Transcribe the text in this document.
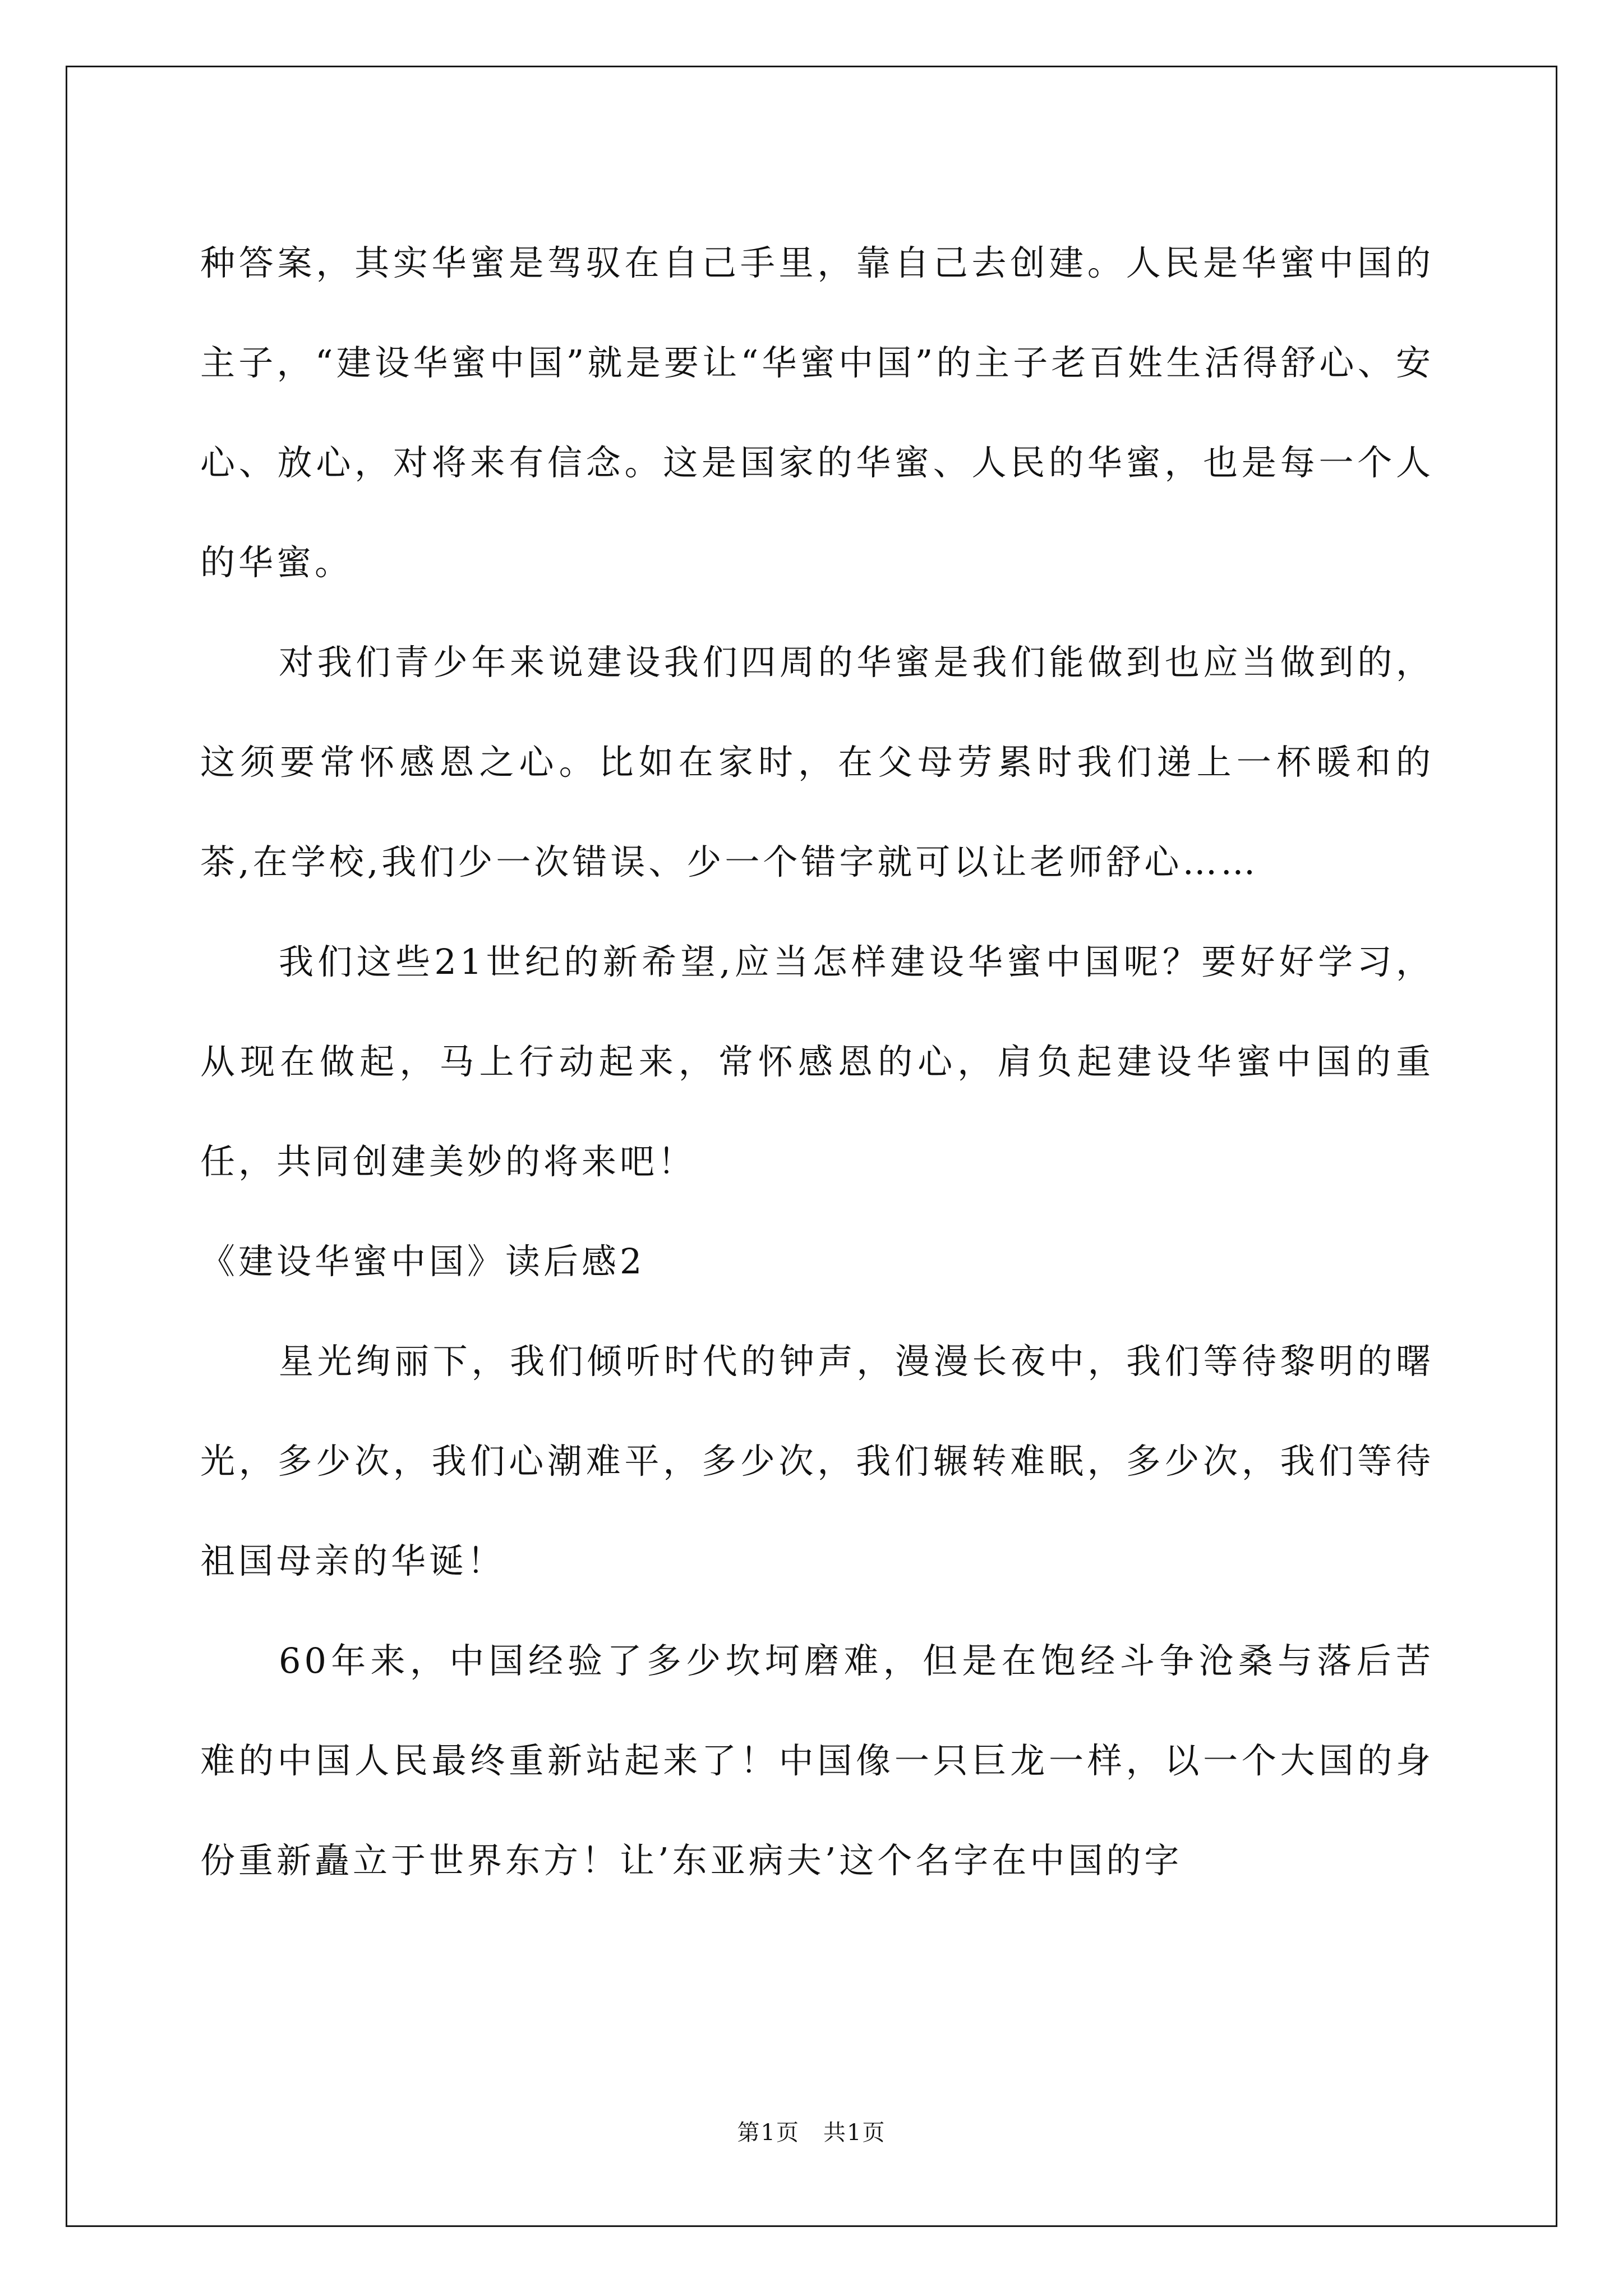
种答案，其实华蜜是驾驭在自己手里，靠自己去创建。人民是华蜜中国的主子，“建设华蜜中国”就是要让“华蜜中国”的主子老百姓生活得舒心、安心、放心，对将来有信念。这是国家的华蜜、人民的华蜜，也是每一个人的华蜜。

对我们青少年来说建设我们四周的华蜜是我们能做到也应当做到的，这须要常怀感恩之心。比如在家时，在父母劳累时我们递上一杯暖和的茶,在学校,我们少一次错误、少一个错字就可以让老师舒心……

我们这些21世纪的新希望,应当怎样建设华蜜中国呢？要好好学习，从现在做起，马上行动起来，常怀感恩的心，肩负起建设华蜜中国的重任，共同创建美妙的将来吧！

《建设华蜜中国》读后感2

星光绚丽下，我们倾听时代的钟声，漫漫长夜中，我们等待黎明的曙光，多少次，我们心潮难平，多少次，我们辗转难眠，多少次，我们等待祖国母亲的华诞！

60年来，中国经验了多少坎坷磨难，但是在饱经斗争沧桑与落后苦难的中国人民最终重新站起来了！中国像一只巨龙一样，以一个大国的身份重新矗立于世界东方！让’东亚病夫’这个名字在中国的字

第1页　共1页
